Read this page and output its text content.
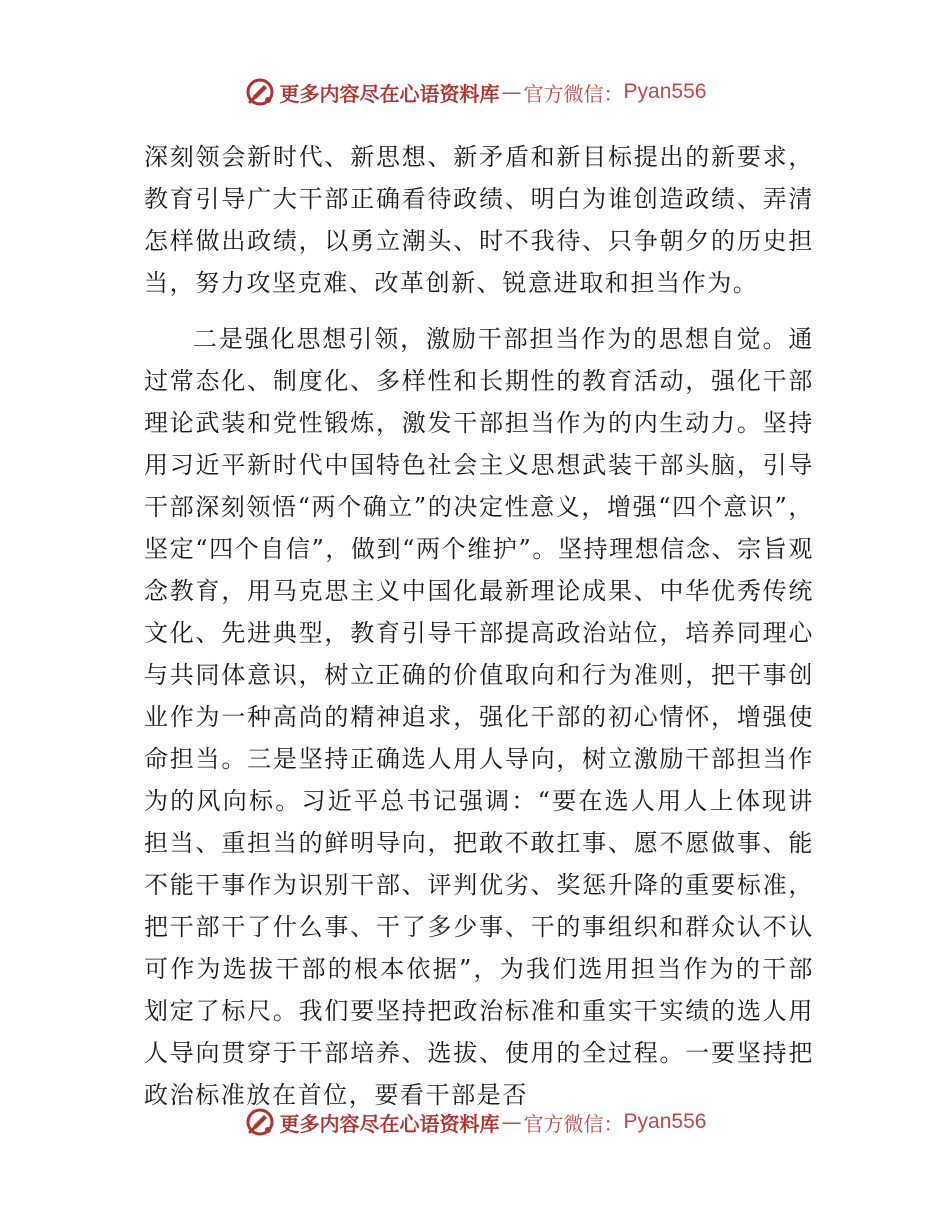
更多内容尽在心语资料库 — 官方微信： Pyan556

深刻领会新时代、新思想、新矛盾和新目标提出的新要求，教育引导广大干部正确看待政绩、明白为谁创造政绩、弄清怎样做出政绩，以勇立潮头、时不我待、只争朝夕的历史担当，努力攻坚克难、改革创新、锐意进取和担当作为。

二是强化思想引领，激励干部担当作为的思想自觉。通过常态化、制度化、多样性和长期性的教育活动，强化干部理论武装和党性锻炼，激发干部担当作为的内生动力。坚持用习近平新时代中国特色社会主义思想武装干部头脑，引导干部深刻领悟“两个确立”的决定性意义，增强“四个意识”，坚定“四个自信”，做到“两个维护”。坚持理想信念、宗旨观念教育，用马克思主义中国化最新理论成果、中华优秀传统文化、先进典型，教育引导干部提高政治站位，培养同理心与共同体意识，树立正确的价值取向和行为准则，把干事创业作为一种高尚的精神追求，强化干部的初心情怀，增强使命担当。三是坚持正确选人用人导向，树立激励干部担当作为的风向标。习近平总书记强调：“要在选人用人上体现讲担当、重担当的鲜明导向，把敢不敢扛事、愿不愿做事、能不能干事作为识别干部、评判优劣、奖惩升降的重要标准，把干部干了什么事、干了多少事、干的事组织和群众认不认可作为选拔干部的根本依据”，为我们选用担当作为的干部划定了标尺。我们要坚持把政治标准和重实干实绩的选人用人导向贯穿于干部培养、选拔、使用的全过程。一要坚持把政治标准放在首位，要看干部是否

更多内容尽在心语资料库 — 官方微信： Pyan556
